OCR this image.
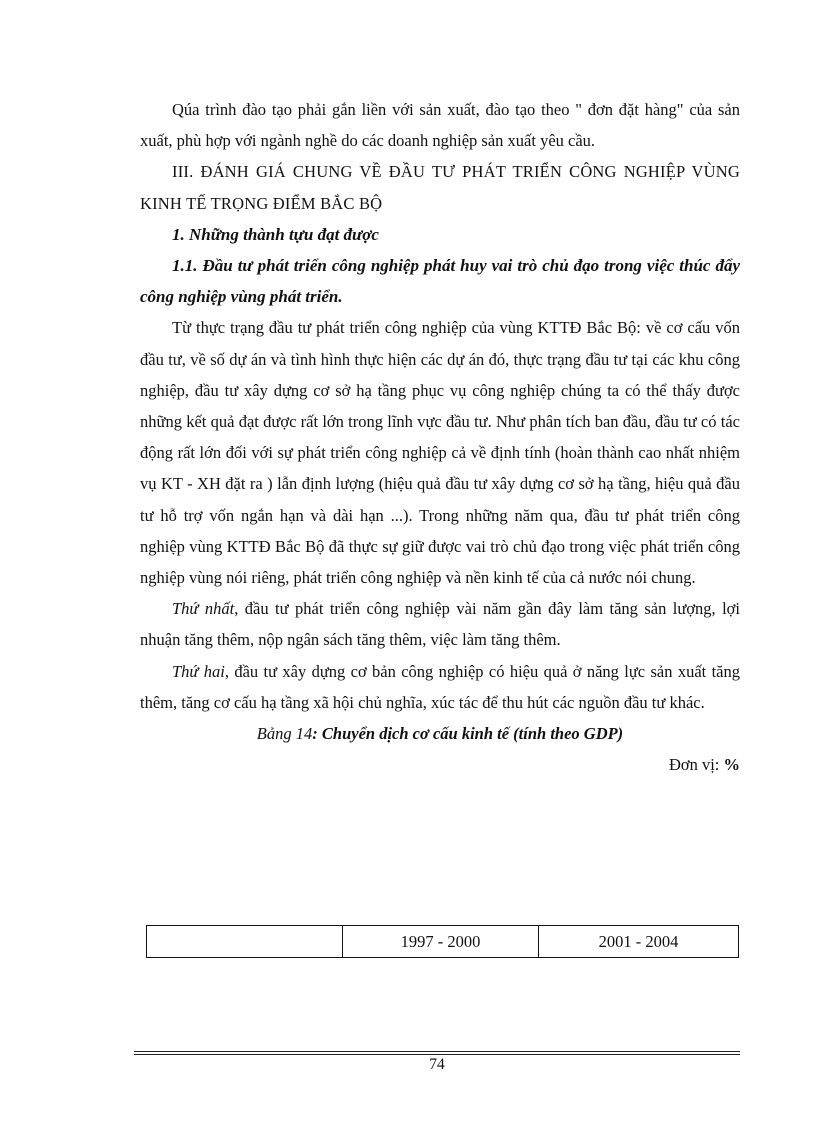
Qúa trình đào tạo phải gắn liền với sản xuất, đào tạo theo " đơn đặt hàng" của sản xuất, phù hợp với ngành nghề do các doanh nghiệp sản xuất yêu cầu.

III. ĐÁNH GIÁ CHUNG VỀ ĐẦU TƯ PHÁT TRIỂN CÔNG NGHIỆP VÙNG KINH TẾ TRỌNG ĐIỂM BẮC BỘ

1. Những thành tựu đạt được

1.1. Đầu tư phát triển công nghiệp phát huy vai trò chủ đạo trong việc thúc đẩy công nghiệp vùng phát triển.

Từ thực trạng đầu tư phát triển công nghiệp của vùng KTTĐ Bắc Bộ: về cơ cấu vốn đầu tư, về số dự án và tình hình thực hiện các dự án đó, thực trạng đầu tư tại các khu công nghiệp, đầu tư xây dựng cơ sở hạ tầng phục vụ công nghiệp chúng ta có thể thấy được những kết quả đạt được rất lớn trong lĩnh vực đầu tư. Như phân tích ban đầu, đầu tư có tác động rất lớn đối với sự phát triển công nghiệp cả về định tính (hoàn thành cao nhất nhiệm vụ KT - XH đặt ra ) lẫn định lượng (hiệu quả đầu tư xây dựng cơ sở hạ tầng, hiệu quả đầu tư hỗ trợ vốn ngắn hạn và dài hạn ...). Trong những năm qua, đầu tư phát triển công nghiệp vùng KTTĐ Bắc Bộ đã thực sự giữ được vai trò chủ đạo trong việc phát triển công nghiệp vùng nói riêng, phát triển công nghiệp và nền kinh tế của cả nước nói chung.

Thứ nhất, đầu tư phát triển công nghiệp vài năm gần đây làm tăng sản lượng, lợi nhuận tăng thêm, nộp ngân sách tăng thêm, việc làm tăng thêm.

Thứ hai, đầu tư xây dựng cơ bản công nghiệp có hiệu quả ở năng lực sản xuất tăng thêm, tăng cơ cấu hạ tầng xã hội chủ nghĩa, xúc tác để thu hút các nguồn đầu tư khác.

Bảng 14: Chuyển dịch cơ cấu kinh tế (tính theo GDP)

Đơn vị: %

	1997 - 2000	2001 - 2004
74
